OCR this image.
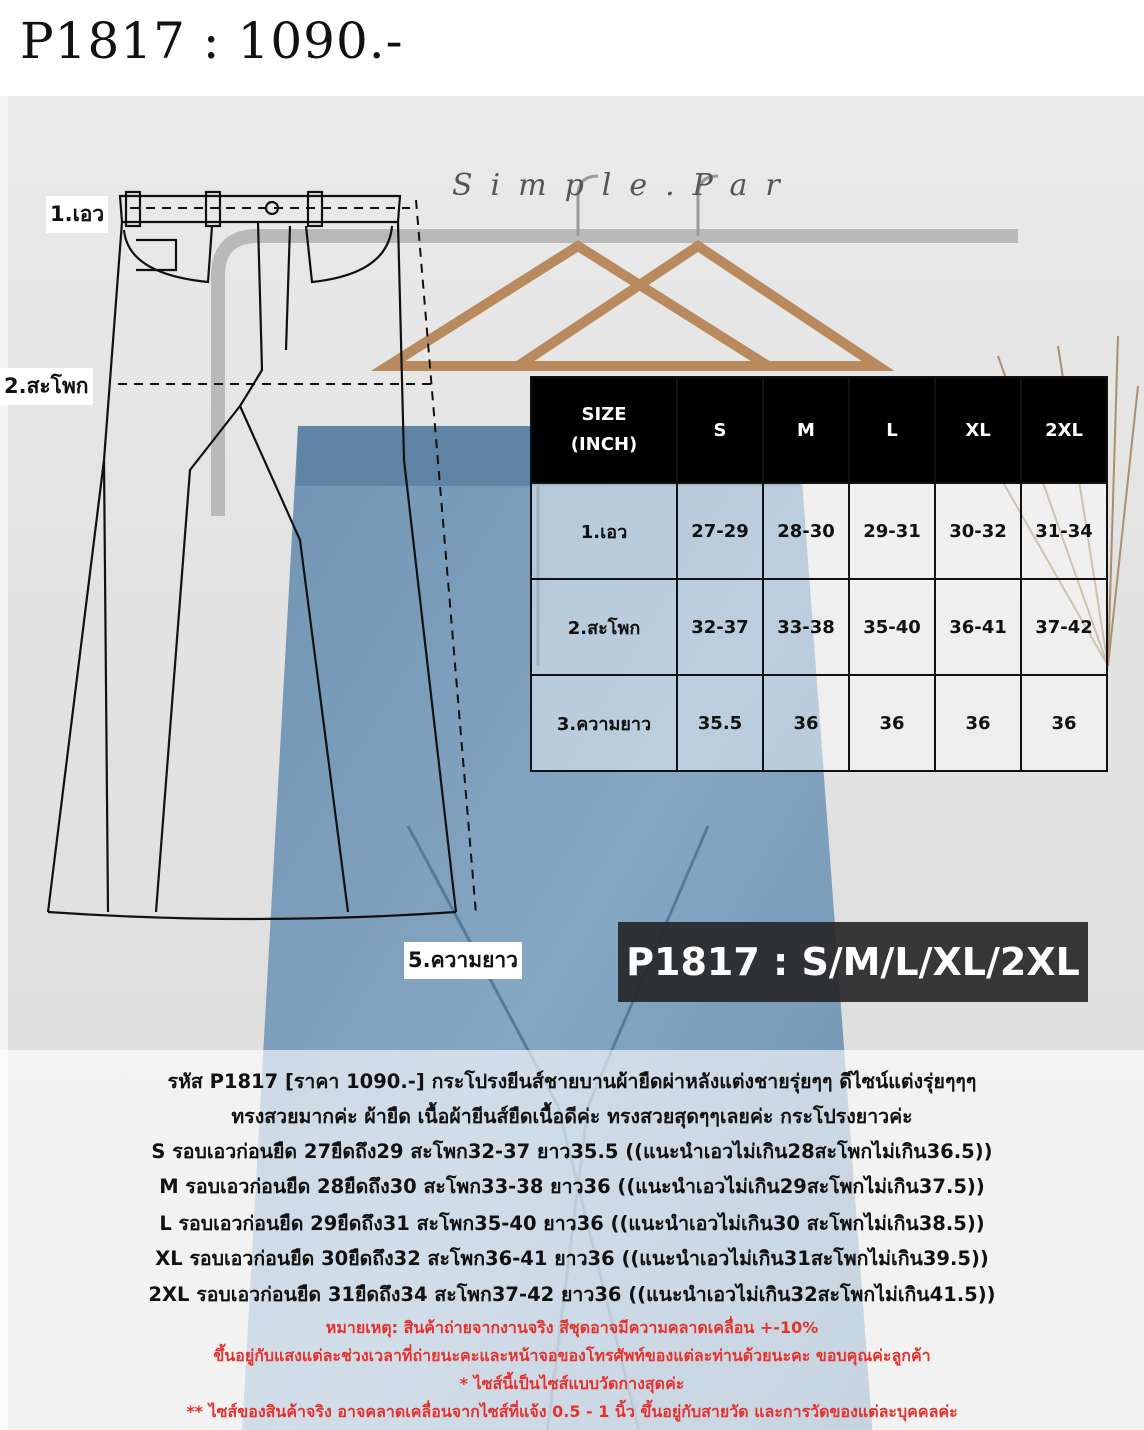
P1817 : 1090.-
Simple.Par
1.เอว
2.สะโพก
5.ความยาว
SIZE
(INCH)	S	M	L	XL	2XL
1.เอว	27-29	28-30	29-31	30-32	31-34
2.สะโพก	32-37	33-38	35-40	36-41	37-42
3.ความยาว	35.5	36	36	36	36
P1817 : S/M/L/XL/2XL
รหัส P1817 [ราคา 1090.-] กระโปรงยีนส์ชายบานผ้ายืดผ่าหลังแต่งชายรุ่ยๆๆ ดีไซน์แต่งรุ่ยๆๆๆ
ทรงสวยมากค่ะ ผ้ายืด เนื้อผ้ายีนส์ยืดเนื้อดีค่ะ ทรงสวยสุดๆๆเลยค่ะ กระโปรงยาวค่ะ
S รอบเอวก่อนยืด 27ยืดถึง29 สะโพก32-37 ยาว35.5 ((แนะนำเอวไม่เกิน28สะโพกไม่เกิน36.5))
M รอบเอวก่อนยืด 28ยืดถึง30 สะโพก33-38 ยาว36 ((แนะนำเอวไม่เกิน29สะโพกไม่เกิน37.5))
L รอบเอวก่อนยืด 29ยืดถึง31 สะโพก35-40 ยาว36 ((แนะนำเอวไม่เกิน30 สะโพกไม่เกิน38.5))
XL รอบเอวก่อนยืด 30ยืดถึง32 สะโพก36-41 ยาว36 ((แนะนำเอวไม่เกิน31สะโพกไม่เกิน39.5))
2XL รอบเอวก่อนยืด 31ยืดถึง34 สะโพก37-42 ยาว36 ((แนะนำเอวไม่เกิน32สะโพกไม่เกิน41.5))
หมายเหตุ: สินค้าถ่ายจากงานจริง สีชุดอาจมีความคลาดเคลื่อน +-10%
ขึ้นอยู่กับแสงแต่ละช่วงเวลาที่ถ่ายนะคะและหน้าจอของโทรศัพท์ของแต่ละท่านด้วยนะคะ ขอบคุณค่ะลูกค้า
* ไซส์นี้เป็นไซส์แบบวัดกางสุดค่ะ
** ไซส์ของสินค้าจริง อาจคลาดเคลื่อนจากไซส์ที่แจ้ง 0.5 - 1 นิ้ว ขึ้นอยู่กับสายวัด และการวัดของแต่ละบุคคลค่ะ
